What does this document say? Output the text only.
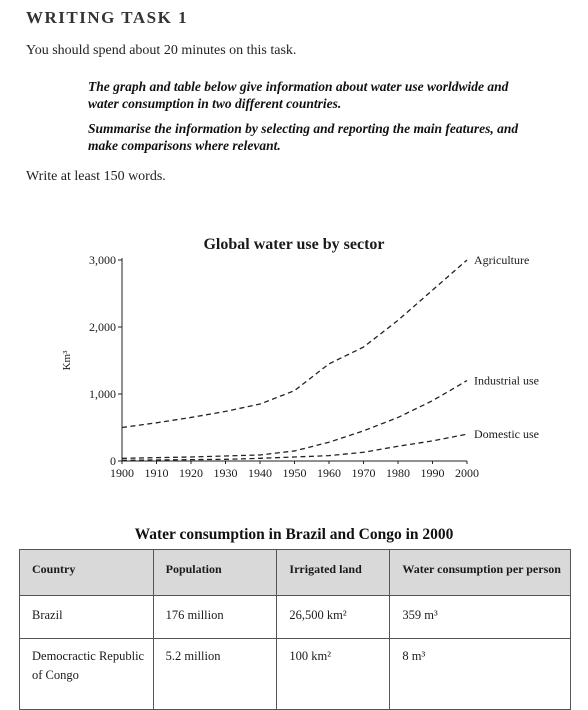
WRITING TASK 1
You should spend about 20 minutes on this task.
The graph and table below give information about water use worldwide and water consumption in two different countries.
Summarise the information by selecting and reporting the main features, and make comparisons where relevant.
Write at least 150 words.
Global water use by sector
0
1,000
2,000
3,000
1900 1910 1920 1930 1940 1950 1960 1970 1980 1990 2000
Km³
Agriculture
Industrial use
Domestic use
Water consumption in Brazil and Congo in 2000
Country	Population	Irrigated land	Water consumption per person
Brazil	176 million	26,500 km²	359 m³
Democractic Republic of Congo	5.2 million	100 km²	8 m³
